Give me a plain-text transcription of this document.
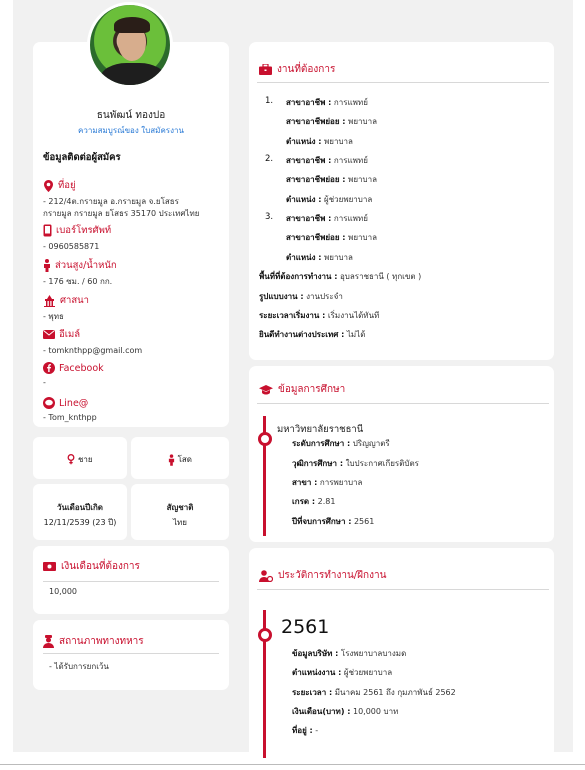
ธนพัฒน์ ทองปอ
ความสมบูรณ์ของ ใบสมัครงาน
ข้อมูลติดต่อผู้สมัคร
ที่อยู่
- 212/4ต.กรายมูล อ.กรายมูล จ.ยโสธร
กรายมูล กรายมูล ยโสธร 35170 ประเทศไทย
เบอร์โทรศัพท์
- 0960585871
ส่วนสูง/น้ำหนัก
- 176 ซม. / 60 กก.
ศาสนา
- พุทธ
อีเมล์
- tomknthpp@gmail.com
Facebook
-
Line@
- Tom_knthpp
ชาย	โสด
วันเดือนปีเกิด
12/11/2539 (23 ปี)
สัญชาติ
ไทย
เงินเดือนที่ต้องการ
10,000
สถานภาพทางทหาร
- ได้รับการยกเว้น
งานที่ต้องการ
1. สาขาอาชีพ : การแพทย์
สาขาอาชีพย่อย : พยาบาล
ตำแหน่ง : พยาบาล
2. สาขาอาชีพ : การแพทย์
สาขาอาชีพย่อย : พยาบาล
ตำแหน่ง : ผู้ช่วยพยาบาล
3. สาขาอาชีพ : การแพทย์
สาขาอาชีพย่อย : พยาบาล
ตำแหน่ง : พยาบาล
พื้นที่ที่ต้องการทำงาน : อุบลราชธานี ( ทุกเขต )
รูปแบบงาน : งานประจำ
ระยะเวลาเริ่มงาน : เริ่มงานได้ทันที
ยินดีทำงานต่างประเทศ : ไม่ได้
ข้อมูลการศึกษา
มหาวิทยาลัยราชธานี
ระดับการศึกษา : ปริญญาตรี
วุฒิการศึกษา : ใบประกาศเกียรติบัตร
สาขา : การพยาบาล
เกรด : 2.81
ปีที่จบการศึกษา : 2561
ประวัติการทำงาน/ฝึกงาน
2561
ข้อมูลบริษัท : โรงพยาบาลบางมด
ตำแหน่งงาน : ผู้ช่วยพยาบาล
ระยะเวลา : มีนาคม 2561 ถึง กุมภาพันธ์ 2562
เงินเดือน(บาท) : 10,000 บาท
ที่อยู่ : -
